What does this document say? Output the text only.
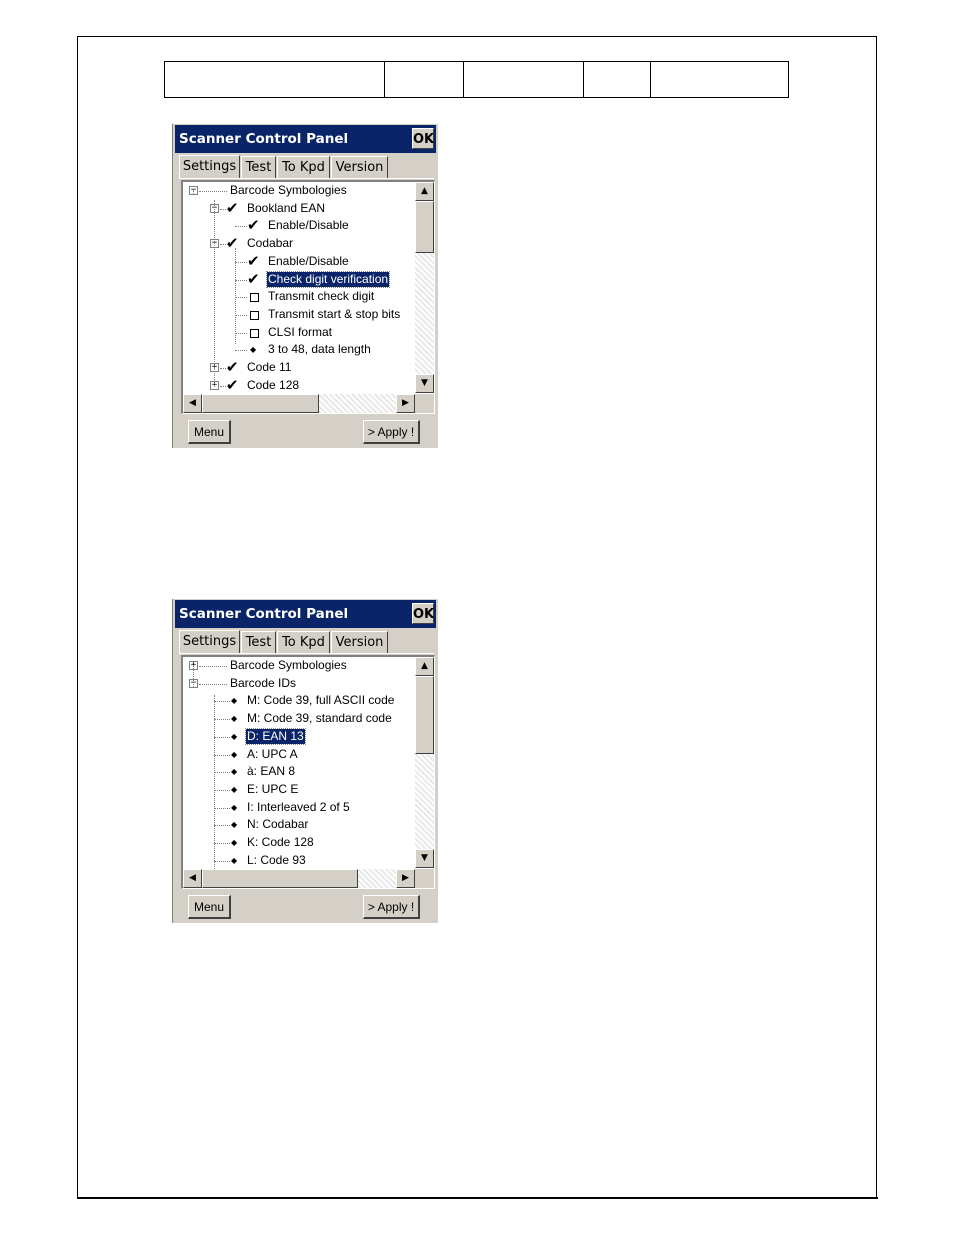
Scanner Control Panel	OK
Settings Test To Kpd Version
−	Barcode Symbologies
− ✔ Bookland EAN
✔ Enable/Disable
− ✔ Codabar
✔ Enable/Disable
✔ Check digit verification
Transmit check digit
Transmit start & stop bits
CLSI format
◆ 3 to 48, data length
+ ✔ Code 11
+ ✔ Code 128
▲
▼
◀	▶
Menu	> Apply !
Scanner Control Panel	OK
Settings Test To Kpd Version
+	Barcode Symbologies
−	Barcode IDs
◆ M: Code 39, full ASCII code
◆ M: Code 39, standard code
◆ D: EAN 13
◆ A: UPC A
◆ à: EAN 8
◆ E: UPC E
◆ I: Interleaved 2 of 5
◆ N: Codabar
◆ K: Code 128
◆ L: Code 93
▲
▼
◀	▶
Menu	> Apply !
